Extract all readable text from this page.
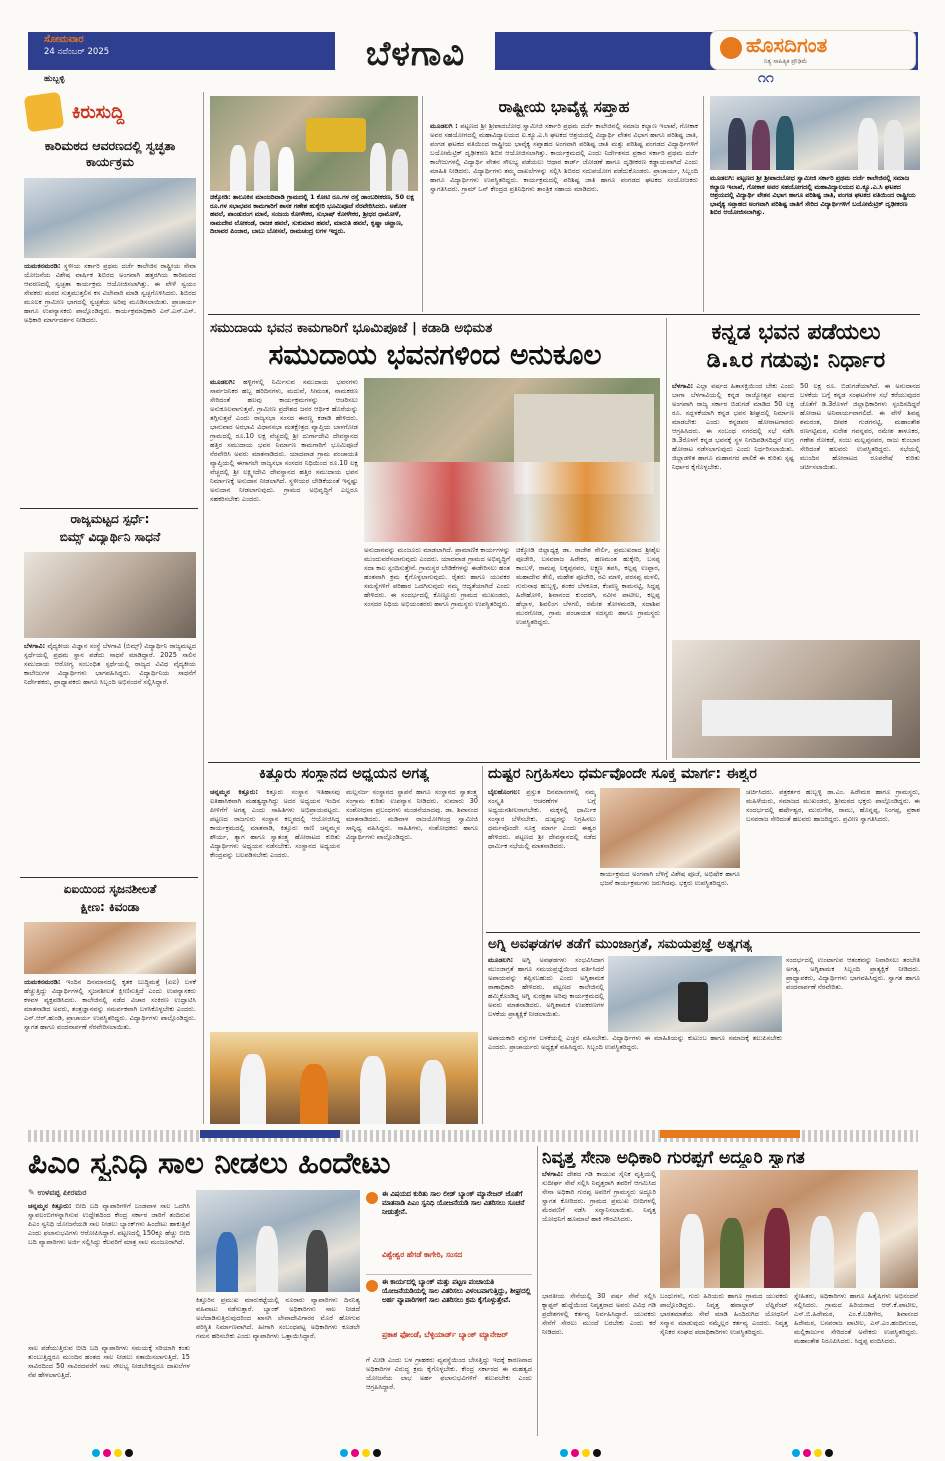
ಸೋಮವಾರ
24 ನವೆಂಬರ್ 2025
ಹುಬ್ಬಳ್ಳಿ
ಬೆಳಗಾವಿ	ಹೊಸದಿಗಂತ
ನಿತ್ಯ ಸಾಹಿತ್ಯಿಕ ಪ್ರೌಢಿಮೆ
೧೧
ಕಿರುಸುದ್ದಿ
ಕಾರಿಮಠದ ಆವರಣದಲ್ಲಿ ಸ್ವಚ್ಛತಾ ಕಾರ್ಯಕ್ರಮ
ಯಮಕನಮರಡಿ: ಸ್ಥಳೀಯ ಸರ್ಕಾರಿ ಪ್ರಥಮ ದರ್ಜೆ ಕಾಲೇಜಿನ ರಾಷ್ಟ್ರೀಯ ಸೇವಾ ಯೋಜನೆಯ ವಿಶೇಷ ವಾರ್ಷಿಕ ಶಿಬಿರದ ಅಂಗವಾಗಿ ಹತ್ತರಗಿಯ ಕಾರಿಮಠದ ಆವರಣದಲ್ಲಿ ಸ್ವಚ್ಛತಾ ಕಾರ್ಯಕ್ರಮ ಆಯೋಜಿಸಲಾಗಿತ್ತು. ಈ ವೇಳೆ ಸ್ವಯಂ ಸೇವಕರು ಮಠದ ಸುತ್ತಮುತ್ತಲಿನ ಕಸ ವಿಲೇವಾರಿ ಮಾಡಿ ಸ್ವಚ್ಛಗೊಳಿಸಿದರು. ಶಿಬಿರದ ಮೂಲಕ ಗ್ರಾಮೀಣ ಭಾಗದಲ್ಲಿ ಸ್ವಚ್ಛತೆಯ ಅರಿವು ಮೂಡಿಸಲಾಯಿತು. ಪ್ರಾಚಾರ್ಯ ಹಾಗೂ ಉಪನ್ಯಾಸಕರು ಪಾಲ್ಗೊಂಡಿದ್ದರು. ಕಾರ್ಯಕ್ರಮಾಧಿಕಾರಿ ಎನ್.ಎಸ್.ಎಸ್. ಅಧಿಕಾರಿ ಮಾರ್ಗದರ್ಶನ ನೀಡಿದರು.
ರಾಜ್ಯಮಟ್ಟದ ಸ್ಪರ್ಧೆ:
ಬಿಮ್ಸ್ ವಿದ್ಯಾರ್ಥಿನಿ ಸಾಧನೆ
ಬೆಳಗಾವಿ: ವೈದ್ಯಕೀಯ ವಿಜ್ಞಾನ ಸಂಸ್ಥೆ ಬೆಳಗಾವಿ (ಬಿಮ್ಸ್) ವಿದ್ಯಾರ್ಥಿನಿ ರಾಜ್ಯಮಟ್ಟದ ಸ್ಪರ್ಧೆಯಲ್ಲಿ ಪ್ರಥಮ ಸ್ಥಾನ ಪಡೆದು ಸಾಧನೆ ಮಾಡಿದ್ದಾರೆ. 2025 ಸಾಲಿನ ಸಮುದಾಯ ಆರೋಗ್ಯ ಸಂಬಂಧಿತ ಸ್ಪರ್ಧೆಯಲ್ಲಿ ರಾಜ್ಯದ ವಿವಿಧ ವೈದ್ಯಕೀಯ ಕಾಲೇಜುಗಳ ವಿದ್ಯಾರ್ಥಿಗಳು ಭಾಗವಹಿಸಿದ್ದರು. ವಿದ್ಯಾರ್ಥಿನಿಯ ಸಾಧನೆಗೆ ನಿರ್ದೇಶಕರು, ಪ್ರಾಧ್ಯಾಪಕರು ಹಾಗೂ ಸಿಬ್ಬಂದಿ ಅಭಿನಂದನೆ ಸಲ್ಲಿಸಿದ್ದಾರೆ.
ಏಐಯಿಂದ ಸೃಜನಶೀಲತೆ
ಕ್ಷೀಣ: ಕಿವಂಡಾ
ಯಮಕನಮರಡಿ: ಇಂದಿನ ದಿನಮಾನದಲ್ಲಿ ಕೃತಕ ಬುದ್ಧಿಮತ್ತೆ (ಏಐ) ಬಳಕೆ ಹೆಚ್ಚುತ್ತಿದ್ದು ವಿದ್ಯಾರ್ಥಿಗಳಲ್ಲಿ ಸೃಜನಶೀಲತೆ ಕ್ಷೀಣಿಸುತ್ತಿದೆ ಎಂದು ಉಪನ್ಯಾಸಕರು ಕಳವಳ ವ್ಯಕ್ತಪಡಿಸಿದರು. ಕಾಲೇಜಿನಲ್ಲಿ ನಡೆದ ವಿಚಾರ ಸಂಕಿರಣ ಉದ್ಘಾಟಿಸಿ ಮಾತನಾಡಿದ ಅವರು, ತಂತ್ರಜ್ಞಾನವನ್ನು ಸಮರ್ಪಕವಾಗಿ ಬಳಸಿಕೊಳ್ಳಬೇಕು ಎಂದರು. ಎನ್.ಆರ್.ಹುಂಡಿ, ಪ್ರಾಚಾರ್ಯ ಉಪಸ್ಥಿತರಿದ್ದರು. ವಿದ್ಯಾರ್ಥಿಗಳು ಪಾಲ್ಗೊಂಡಿದ್ದರು. ಸ್ವಾಗತ ಹಾಗೂ ವಂದನಾರ್ಪಣೆ ನೆರವೇರಿಸಲಾಯಿತು.
ಚಿಕ್ಕೋಡಿ: ತಾಲೂಕಿನ ಮಾಂಜರಿವಾಡಿ ಗ್ರಾಮದಲ್ಲಿ 1 ಕೋಟಿ ರೂ.ಗಳ ರಸ್ತೆ ಡಾಂಬರೀಕರಣ, 50 ಲಕ್ಷ ರೂ.ಗಳ ಸಭಾಭವನ ಕಾಮಗಾರಿಗೆ ಶಾಸಕ ಗಣೇಶ ಹುಕ್ಕೇರಿ ಭೂಮಿಪೂಜೆ ನೆರವೇರಿಸಿದರು. ಅಶೋಕ ಹವಲೆ, ಪಾಂಡುರಂಗ ಮಾನೆ, ಸಂಜಯ ಕೋಳೇಕರ, ಸುಭಾಷ್ ಕೋಳೇಕರ, ಶ್ರೀಧರ ಧಾಮೋಳೆ, ನಾಮದೇವ ಲೋಕಂಡೆ, ರಾಜಕ ಹವಲೆ, ಸುಕುಮಾರ ಹವಲೆ, ಮಾರುತಿ ಹವಲೆ, ಕೃಷ್ಣಾ ಚವ್ಹಾಣ, ದಿಲಾವರ ಪಿಂಜಾರ, ಬಾಬು ಬೋಸಲೆ, ರಾಮಚಂದ್ರ ಲಗಳ ಇದ್ದರು.
ರಾಷ್ಟ್ರೀಯ ಭಾವೈಕ್ಯ ಸಪ್ತಾಹ
ಮೂಡಲಗಿ : ಪಟ್ಟಣದ ಶ್ರೀ ಶ್ರೀಪಾದಬೋಧ ಸ್ವಾಮೀಜಿ ಸರ್ಕಾರಿ ಪ್ರಥಮ ದರ್ಜೆ ಕಾಲೇಜಿನಲ್ಲಿ ಸಮಾಜ ಕಲ್ಯಾಣ ಇಲಾಖೆ, ಗೋಕಾಕ ಅವರ ಸಹಯೋಗದಲ್ಲಿ ಮಹಾವಿದ್ಯಾಲಯದ ಐ.ಕ್ಯೂ.ಎ.ಸಿ ಘಟಕದ ಆಶ್ರಯದಲ್ಲಿ ವಿದ್ಯಾರ್ಥಿ ವೇತನ ವಿಭಾಗ ಹಾಗೂ ಪರಿಶಿಷ್ಟ ಜಾತಿ, ಪಂಗಡ ಘಟಕದ ವತಿಯಿಂದ ರಾಷ್ಟ್ರೀಯ ಭಾವೈಕ್ಯ ಸಪ್ತಾಹದ ಅಂಗವಾಗಿ ಪರಿಶಿಷ್ಟ ಜಾತಿ ಮತ್ತು ಪರಿಶಿಷ್ಟ ಪಂಗಡದ ವಿದ್ಯಾರ್ಥಿಗಳಿಗೆ ಬಯೋಮೆಟ್ರಿಕ್ ದೃಢೀಕರಣ ಶಿಬಿರ ಆಯೋಜಿಸಲಾಗಿತ್ತು. ಕಾರ್ಯಕ್ರಮದಲ್ಲಿ ಎಂದು ನಿರ್ದೇಶನದ ಪ್ರಕಾರ ಸರ್ಕಾರಿ ಪ್ರಥಮ ದರ್ಜೆ ಕಾಲೇಜುಗಳಲ್ಲಿ ವಿದ್ಯಾರ್ಥಿ ವೇತನ ಸೌಲಭ್ಯ ಪಡೆಯಲು ಆಧಾರ ಕಾರ್ಡ್ ಜೋಡಣೆ ಹಾಗೂ ದೃಢೀಕರಣ ಕಡ್ಡಾಯವಾಗಿದೆ ಎಂದು ಮಾಹಿತಿ ನೀಡಿದರು. ವಿದ್ಯಾರ್ಥಿಗಳು ತಮ್ಮ ದಾಖಲೆಗಳನ್ನು ಸಲ್ಲಿಸಿ ಶಿಬಿರದ ಸದುಪಯೋಗ ಪಡೆದುಕೊಂಡರು. ಪ್ರಾಚಾರ್ಯ, ಸಿಬ್ಬಂದಿ ಹಾಗೂ ವಿದ್ಯಾರ್ಥಿಗಳು ಉಪಸ್ಥಿತರಿದ್ದರು. ಕಾರ್ಯಕ್ರಮದಲ್ಲಿ ಪರಿಶಿಷ್ಟ ಜಾತಿ ಹಾಗೂ ಪಂಗಡದ ಘಟಕದ ಸಂಯೋಜಕರು ಸ್ವಾಗತಿಸಿದರು. ಗ್ರಾಮ್ ಒನ್ ಕೇಂದ್ರದ ಪ್ರತಿನಿಧಿಗಳು ತಾಂತ್ರಿಕ ಸಹಾಯ ಮಾಡಿದರು.
ಮೂಡಲಗಿ: ಪಟ್ಟಣದ ಶ್ರೀ ಶ್ರೀಪಾದಬೋಧ ಸ್ವಾಮೀಜಿ ಸರ್ಕಾರಿ ಪ್ರಥಮ ದರ್ಜೆ ಕಾಲೇಜಿನಲ್ಲಿ ಸಮಾಜ ಕಲ್ಯಾಣ ಇಲಾಖೆ, ಗೋಕಾಕ ಅವರ ಸಹಯೋಗದಲ್ಲಿ ಮಹಾವಿದ್ಯಾಲಯದ ಐ.ಕ್ಯೂ.ಎ.ಸಿ ಘಟಕದ ಆಶ್ರಯದಲ್ಲಿ ವಿದ್ಯಾರ್ಥಿ ವೇತನ ವಿಭಾಗ ಹಾಗೂ ಪರಿಶಿಷ್ಟ ಜಾತಿ, ಪಂಗಡ ಘಟಕದ ವತಿಯಿಂದ ರಾಷ್ಟ್ರೀಯ ಭಾವೈಕ್ಯ ಸಪ್ತಾಹದ ಅಂಗವಾಗಿ ಪರಿಶಿಷ್ಟ ಜಾತಿಗೆ ಸೇರಿದ ವಿದ್ಯಾರ್ಥಿಗಳಿಗೆ ಬಯೋಮೆಟ್ರಿಕ್ ದೃಢೀಕರಣ ಶಿಬಿರ ಆಯೋಜಿಸಲಾಗಿತ್ತು.
ಸಮುದಾಯ ಭವನ ಕಾಮಗಾರಿಗೆ ಭೂಮಿಪೂಜೆ | ಕಡಾಡಿ ಅಭಿಮತ
ಸಮುದಾಯ ಭವನಗಳಿಂದ ಅನುಕೂಲ
ಮೂಡಲಗಿ: ಹಳ್ಳಿಗಳಲ್ಲಿ ನಿರ್ಮಿಸುವ ಸಮುದಾಯ ಭವನಗಳು ಸಾರ್ವಜನಿಕರ ಹಬ್ಬ ಹರಿದಿನಗಳು, ಮದುವೆ, ಸೀಮಂತ, ನಾಮಕರಣ ಸೇರಿದಂತೆ ಹಲವು ಕಾರ್ಯಕ್ರಮಗಳನ್ನು ಆಚರಿಸಲು ಅನುಕೂಲವಾಗುತ್ತವೆ. ಗ್ರಾಮೀಣ ಪ್ರದೇಶದ ಜನರ ಆರ್ಥಿಕ ಹೊರೆಯನ್ನು ತಗ್ಗಿಸುತ್ತವೆ ಎಂದು ರಾಜ್ಯಸಭಾ ಸಂಸದ ಈರಣ್ಣ ಕಡಾಡಿ ಹೇಳಿದರು. ಭಾನುವಾರ ಅರಭಾವಿ ವಿಧಾನಸಭಾ ಮತಕ್ಷೇತ್ರದ ವ್ಯಾಪ್ತಿಯ ಬಾಳಗೋಡ ಗ್ರಾಮದಲ್ಲಿ ರೂ.10 ಲಕ್ಷ ವೆಚ್ಚದಲ್ಲಿ ಶ್ರೀ ದುರ್ಗಾದೇವಿ ದೇವಸ್ಥಾನದ ಹತ್ತಿರ ಸಮುದಾಯ ಭವನ ನಿರ್ಮಾಣ ಕಾಮಗಾರಿಗೆ ಭೂಮಿಪೂಜೆ ನೆರವೇರಿಸಿ ಅವರು ಮಾತನಾಡಿದರು. ಯಾದವಾಡ ಗ್ರಾಮ ಪಂಚಾಯತಿ ವ್ಯಾಪ್ತಿಯಲ್ಲಿ ಈಗಾಗಲೇ ರಾಜ್ಯಸಭಾ ಸಂಸದರ ನಿಧಿಯಿಂದ ರೂ.10 ಲಕ್ಷ ವೆಚ್ಚದಲ್ಲಿ ಶ್ರೀ ಲಕ್ಷ್ಮೀದೇವಿ ದೇವಸ್ಥಾನದ ಹತ್ತಿರ ಸಮುದಾಯ ಭವನ ನಿರ್ಮಾಣಕ್ಕೆ ಅನುದಾನ ನೀಡಲಾಗಿದೆ. ಸ್ಥಳೀಯರ ಬೇಡಿಕೆಯಂತೆ ಇನ್ನಷ್ಟು ಅನುದಾನ ನೀಡಲಾಗುವುದು. ಗ್ರಾಮದ ಅಭಿವೃದ್ಧಿಗೆ ಎಲ್ಲರೂ ಸಹಕರಿಸಬೇಕು ಎಂದರು.
ಅನುದಾನವನ್ನು ಮಂಜೂರು ಮಾಡಲಾಗಿದೆ. ಪ್ರಾಮಾಣಿಕ ಕಾರ್ಯಗಳನ್ನು ಮುಂದುವರೆಸಲಾಗುವುದು ಎಂದರು. ಯಾದವಾಡ ಗ್ರಾಮದ ಅಭಿವೃದ್ಧಿಗೆ ಸದಾ ಕಾಲ ಸ್ಪಂದಿಸುತ್ತೇನೆ. ಗ್ರಾಮಸ್ಥರ ಬೇಡಿಕೆಗಳನ್ನು ಈಡೇರಿಸಲು ಹಂತ ಹಂತವಾಗಿ ಕ್ರಮ ಕೈಗೊಳ್ಳಲಾಗುವುದು. ರೈತರು ಹಾಗೂ ಯುವಕರ ಸಮಸ್ಯೆಗಳಿಗೆ ಪರಿಹಾರ ಒದಗಿಸುವುದು ನಮ್ಮ ಆದ್ಯತೆಯಾಗಿದೆ ಎಂದು ಹೇಳಿದರು. ಈ ಸಂದರ್ಭದಲ್ಲಿ ಕೊಣ್ಣೂರು ಗ್ರಾಮದ ಮುಖಂಡರು, ಸಂಸದರ ನಿಧಿಯ ಅಭಿಯಂತರರು ಹಾಗೂ ಗ್ರಾಮಸ್ಥರು ಉಪಸ್ಥಿತರಿದ್ದರು.
ಚಿಕ್ಕೋಡಿ ಜಿಲ್ಲಾಧ್ಯಕ್ಷ ಡಾ. ರಾಜೇಶ ನೇರ್ಲಿ, ಪ್ರಮುಖರಾದ ಶ್ರೀಶೈಲ ಪೂಜೇರಿ, ಬಸವರಾಜ ಹಿರೇಕರ, ಹಣಮಂತ ಹುಕ್ಕೇರಿ, ಬಸಪ್ಪ ಕಾಂಬಳೆ, ರಾಮಪ್ಪ ಲಕ್ಕಪ್ಪನವರ, ಲಕ್ಷ್ಮಣ ತಪಸಿ, ಕಲ್ಲಪ್ಪ ಉಪ್ಪಾರ, ಮಹಾದೇವ ತೇಲಿ, ಮಹೇಶ ಪೂಜೇರಿ, ರವಿ ಮಾಳಿ, ಪರಸಪ್ಪ ಮಳಲಿ, ಗುರುನಾಥ ಹುಬ್ಬಳ್ಳಿ, ಶಂಕರ ಬೆಳಕೂಡ, ಕೆಂಪಣ್ಣ ಕಾಮನಟ್ಟಿ, ಸಿದ್ದಪ್ಪ ಹಿರೇಹೋಳಿ, ಶಿವಾನಂದ ಕುಂದರಗಿ, ನವೀನ ಪಾಟೀಲ, ಕಲ್ಲಪ್ಪ ಹೆಬ್ಬಾಳ, ಶಿವಲಿಂಗ ಬೆಳಗಲಿ, ರಮೇಶ ತೋಳಮರಡಿ, ಸದಾಶಿವ ಮುರಗೋಡ, ಗ್ರಾಮ ಪಂಚಾಯತ ಸದಸ್ಯರು ಹಾಗೂ ಗ್ರಾಮಸ್ಥರು ಉಪಸ್ಥಿತರಿದ್ದರು.
ಕನ್ನಡ ಭವನ ಪಡೆಯಲು
ಡಿ.೩ರ ಗಡುವು: ನಿರ್ಧಾರ
ಬೆಳಗಾವಿ: ಎಲ್ಲಾ ವರ್ಷದ ಹಿತಾಸಕ್ತಿಯಿಂದ ಬೇಕು ಎಂದು ಬಾಗಾ ಬೆಳಗಾವಿಯಲ್ಲಿ ಕನ್ನಡ ರಾಜ್ಯೋತ್ಸವ ವರ್ಷದ ಅಂಗವಾಗಿ ರಾಜ್ಯ ಸರ್ಕಾರ ಬಿಡುಗಡೆ ಮಾಡಿದ 50 ಲಕ್ಷ ರೂ. ಸದ್ಬಳಕೆಯಾಗಿ ಕನ್ನಡ ಭವನ ಶೀಘ್ರದಲ್ಲಿ ನಿರ್ಮಾಣ ಮಾಡಬೇಕು ಎಂದು ಕನ್ನಡಪರ ಹೋರಾಟಗಾರರು ಆಗ್ರಹಿಸಿದರು. ಈ ಸಂಬಂಧ ನಗರದಲ್ಲಿ ಸಭೆ ನಡೆಸಿ ಡಿ.3ರೊಳಗೆ ಕನ್ನಡ ಭವನಕ್ಕೆ ಸ್ಥಳ ನಿಗದಿಪಡಿಸದಿದ್ದರೆ ಉಗ್ರ ಹೋರಾಟ ನಡೆಸಲಾಗುವುದು ಎಂದು ನಿರ್ಧರಿಸಲಾಯಿತು. ಜಿಲ್ಲಾಡಳಿತ ಹಾಗೂ ಮಹಾನಗರ ಪಾಲಿಕೆ ಈ ಕುರಿತು ಸ್ಪಷ್ಟ ನಿರ್ಧಾರ ಕೈಗೊಳ್ಳಬೇಕು.
50 ಲಕ್ಷ ರೂ. ಬಿಡುಗಡೆಯಾಗಿದೆ. ಈ ಅನುದಾನದ ಬಳಕೆಯ ಬಗ್ಗೆ ಕನ್ನಡ ಸಂಘಟನೆಗಳ ಸಭೆ ಕರೆಯುವುದರ ಜೊತೆಗೆ ಡಿ.3ರೊಳಗೆ ಜಿಲ್ಲಾಧಿಕಾರಿಗಳು ಸ್ಪಂದಿಸದಿದ್ದರೆ ಹೋರಾಟ ಅನಿವಾರ್ಯವಾಗಲಿದೆ. ಈ ವೇಳೆ ಶಿವಪ್ಪ ಶಮರಂತ, ದೀಪಕ ಗುಡಗನಟ್ಟಿ, ಮಹಾಂತೇಶ ರಣಗಟ್ಟಿಮಠ, ಸುರೇಶ ಗವನ್ನವರ, ರಮೇಶ ತಾಳೂಕರ, ಗಣೇಶ ರೋಕಡೆ, ಸಂಜು ಮಲ್ಲಪ್ಪನವರ, ರಾಜು ಕುಂಬಾರ ಸೇರಿದಂತೆ ಹಲವರು ಉಪಸ್ಥಿತರಿದ್ದರು. ಸಭೆಯಲ್ಲಿ ಮುಂದಿನ ಹೋರಾಟದ ರೂಪರೇಷೆ ಕುರಿತು ಚರ್ಚಿಸಲಾಯಿತು.
ಕಿತ್ತೂರು ಸಂಸ್ಥಾನದ ಅಧ್ಯಯನ ಅಗತ್ಯ
ಚನ್ನಮ್ಮನ ಕಿತ್ತೂರು: ಕಿತ್ತೂರು ಸಂಸ್ಥಾನ ಇತಿಹಾಸವು ಐತಿಹಾಸಿಕವಾಗಿ ಮಹತ್ವದ್ದಾಗಿದ್ದು ಅದರ ಅಧ್ಯಯನ ಇಂದಿನ ಪೀಳಿಗೆಗೆ ಅಗತ್ಯ ಎಂದು ಸಾಹಿತಿಗಳು ಅಭಿಪ್ರಾಯಪಟ್ಟರು. ಪಟ್ಟಣದ ರಾಜಗುರು ಸಂಸ್ಥಾನ ಕಲ್ಮಠದಲ್ಲಿ ಆಯೋಜಿಸಿದ್ದ ಕಾರ್ಯಕ್ರಮದಲ್ಲಿ ಮಾತನಾಡಿ, ಕಿತ್ತೂರು ರಾಣಿ ಚನ್ನಮ್ಮನ ಶೌರ್ಯ, ತ್ಯಾಗ ಹಾಗೂ ಸ್ವಾತಂತ್ರ್ಯ ಹೋರಾಟದ ಕುರಿತು ವಿದ್ಯಾರ್ಥಿಗಳು ಅಧ್ಯಯನ ನಡೆಸಬೇಕು. ಸಂಸ್ಥಾನದ ಅಧ್ಯಯನ ಕೇಂದ್ರವನ್ನು ಬಲಪಡಿಸಬೇಕು ಎಂದರು.
ಮಲ್ಲಸರ್ಜ ಸಂಸ್ಥಾನದ ಸ್ಥಾಪನೆ ಹಾಗೂ ಸಂಸ್ಥಾನದ ಸ್ವಾತಂತ್ರ್ಯ ಸಂಗ್ರಾಮ ಕುರಿತು ಉಪನ್ಯಾಸ ನೀಡಿದರು. ಸುಮಾರು 30 ಸಂಶೋಧನಾ ಪ್ರಬಂಧಗಳು ಮಂಡನೆಯಾದವು. ಡಾ. ಶಿವಾನಂದ ಮಾತನಾಡಿದರು. ಮಡಿವಾಳ ರಾಜಯೋಗೀಂದ್ರ ಸ್ವಾಮೀಜಿ ಸಾನ್ನಿಧ್ಯ ವಹಿಸಿದ್ದರು. ಸಾಹಿತಿಗಳು, ಸಂಶೋಧಕರು ಹಾಗೂ ವಿದ್ಯಾರ್ಥಿಗಳು ಪಾಲ್ಗೊಂಡಿದ್ದರು.
ದುಷ್ಟರ ನಿಗ್ರಹಿಸಲು ಧರ್ಮವೊಂದೇ ಸೂಕ್ತ ಮಾರ್ಗ: ಈಶ್ವರ
ಬೈಲಹೊಂಗಲ: ಪ್ರಸ್ತುತ ದಿನಮಾನಗಳಲ್ಲಿ ನಮ್ಮ ಸಂಸ್ಕೃತಿ ಆಚರಣೆಗಳ ಬಗ್ಗೆ ಅಧ್ಯಯನಶೀಲರಾಗಬೇಕು. ಮಕ್ಕಳಲ್ಲಿ ಧಾರ್ಮಿಕ ಸಂಸ್ಕಾರ ಬೆಳೆಸಬೇಕು. ದುಷ್ಟರನ್ನು ನಿಗ್ರಹಿಸಲು ಧರ್ಮವೊಂದೇ ಸೂಕ್ತ ಮಾರ್ಗ ಎಂದು ಈಶ್ವರ ಹೇಳಿದರು. ಪಟ್ಟಣದ ಶ್ರೀ ದೇವಸ್ಥಾನದಲ್ಲಿ ನಡೆದ ಧಾರ್ಮಿಕ ಸಭೆಯಲ್ಲಿ ಮಾತನಾಡಿದರು.
ಕಾರ್ಯಕ್ರಮದ ಅಂಗವಾಗಿ ಬೆಳಿಗ್ಗೆ ವಿಶೇಷ ಪೂಜೆ, ಅಭಿಷೇಕ ಹಾಗೂ ಭಜನೆ ಕಾರ್ಯಕ್ರಮಗಳು ಜರುಗಿದವು. ಭಕ್ತರು ಉಪಸ್ಥಿತರಿದ್ದರು.
ಚರ್ಚಿಸಿದರು. ಪತ್ರಕರ್ತರ ಹುಬ್ಬಳ್ಳಿ ಡಾ.ಎಂ. ಹಿರೇಮಠ ಹಾಗೂ ಗ್ರಾಮಸ್ಥರು, ಮಹಿಳೆಯರು, ಸಮಾಜದ ಮುಖಂಡರು, ಶ್ರೀಮಠದ ಭಕ್ತರು ಪಾಲ್ಗೊಂಡಿದ್ದರು. ಈ ಸಂದರ್ಭದಲ್ಲಿ ಹರ್ಷೇಶ್ವರ, ಮುರುಗೇಶ, ರಾಮು, ಹೊನ್ನಪ್ಪ, ನಿಂಗಪ್ಪ, ಪ್ರಕಾಶ ಬಸವರಾಜ ಸೇರಿದಂತೆ ಹಲವರು ಹಾಜರಿದ್ದರು. ಪ್ರವೀಣ ಸ್ವಾಗತಿಸಿದರು.
ಅಗ್ನಿ ಅವಘಡಗಳ ತಡೆಗೆ ಮುಂಜಾಗ್ರತೆ, ಸಮಯಪ್ರಜ್ಞೆ ಅತ್ಯಗತ್ಯ
ಮೂಡಲಗಿ: ಅಗ್ನಿ ಅವಘಡಗಳು ಸಂಭವಿಸಿದಾಗ ಮುಂಜಾಗ್ರತೆ ಹಾಗೂ ಸಮಯಪ್ರಜ್ಞೆಯಿಂದ ವರ್ತಿಸಿದರೆ ಅಪಾಯವನ್ನು ತಪ್ಪಿಸಬಹುದು ಎಂದು ಅಗ್ನಿಶಾಮಕ ಠಾಣಾಧಿಕಾರಿ ಹೇಳಿದರು. ಪಟ್ಟಣದ ಕಾಲೇಜಿನಲ್ಲಿ ಹಮ್ಮಿಕೊಂಡಿದ್ದ ಅಗ್ನಿ ಸುರಕ್ಷತಾ ಅರಿವು ಕಾರ್ಯಕ್ರಮದಲ್ಲಿ ಅವರು ಮಾತನಾಡಿದರು. ಅಗ್ನಿಶಾಮಕ ಉಪಕರಣಗಳ ಬಳಕೆಯ ಪ್ರಾತ್ಯಕ್ಷಿಕೆ ನೀಡಲಾಯಿತು.
ಸಂದರ್ಭದಲ್ಲಿ ಉಂಟಾಗುವ ಆತಂಕವನ್ನು ನಿವಾರಿಸಲು ತರಬೇತಿ ಅಗತ್ಯ. ಅಗ್ನಿಶಾಮಕ ಸಿಬ್ಬಂದಿ ಪ್ರಾತ್ಯಕ್ಷಿಕೆ ನೀಡಿದರು. ಪ್ರಾಧ್ಯಾಪಕರು, ವಿದ್ಯಾರ್ಥಿಗಳು ಭಾಗವಹಿಸಿದ್ದರು. ಸ್ವಾಗತ ಹಾಗೂ ವಂದನಾರ್ಪಣೆ ನೆರವೇರಿತು.
ಅಪಾಯಕಾರಿ ವಸ್ತುಗಳ ಬಳಕೆಯಲ್ಲಿ ಎಚ್ಚರ ವಹಿಸಬೇಕು. ವಿದ್ಯಾರ್ಥಿಗಳು ಈ ಮಾಹಿತಿಯನ್ನು ಕುಟುಂಬ ಹಾಗೂ ಸಮಾಜಕ್ಕೆ ತಲುಪಿಸಬೇಕು ಎಂದರು. ಪ್ರಾಚಾರ್ಯರು ಅಧ್ಯಕ್ಷತೆ ವಹಿಸಿದ್ದರು. ಸಿಬ್ಬಂದಿ ಉಪಸ್ಥಿತರಿದ್ದರು.
ಪಿಎಂ ಸ್ವನಿಧಿ ಸಾಲ ನೀಡಲು ಹಿಂದೇಟು
✎ ಉಳವಪ್ಪ ಪೀರಮರ
ಚನ್ನಮ್ಮನ ಕಿತ್ತೂರು: ಬೀದಿ ಬದಿ ವ್ಯಾಪಾರಿಗಳಿಗೆ ಬಂಡವಾಳ ಸಾಲ ಒದಗಿಸಿ ಸ್ವಾವಲಂಬಿಗಳನ್ನಾಗಿಸುವ ಉದ್ದೇಶದಿಂದ ಕೇಂದ್ರ ಸರ್ಕಾರ ಜಾರಿಗೆ ತಂದಿರುವ ಪಿಎಂ ಸ್ವನಿಧಿ ಯೋಜನೆಯಡಿ ಸಾಲ ನೀಡಲು ಬ್ಯಾಂಕ್‌ಗಳು ಹಿಂದೇಟು ಹಾಕುತ್ತಿವೆ ಎಂದು ಫಲಾನುಭವಿಗಳು ಆರೋಪಿಸಿದ್ದಾರೆ. ಪಟ್ಟಣದಲ್ಲಿ 150ಕ್ಕೂ ಹೆಚ್ಚು ಬೀದಿ ಬದಿ ವ್ಯಾಪಾರಿಗಳು ಅರ್ಜಿ ಸಲ್ಲಿಸಿದ್ದು ಕೆಲವರಿಗೆ ಮಾತ್ರ ಸಾಲ ಮಂಜೂರಾಗಿದೆ.
ಸಾಲ ಪಡೆಯುತ್ತಿರುವ ಬೀದಿ ಬದಿ ವ್ಯಾಪಾರಿಗಳು ಸಮಯಕ್ಕೆ ಸರಿಯಾಗಿ ಕಂತು ತುಂಬುತ್ತಿದ್ದರೂ ಮುಂದಿನ ಹಂತದ ಸಾಲ ನೀಡಲು ಸತಾಯಿಸಲಾಗುತ್ತಿದೆ. 15 ಸಾವಿರದಿಂದ 50 ಸಾವಿರದವರೆಗೆ ಸಾಲ ಸೌಲಭ್ಯ ನೀಡಬೇಕಿದ್ದರೂ ದಾಖಲೆಗಳ ನೆಪ ಹೇಳಲಾಗುತ್ತಿದೆ.
ಕಿತ್ತೂರಿನ ಪ್ರಮುಖ ಮಾರುಕಟ್ಟೆಯಲ್ಲಿ ನೂರಾರು ವ್ಯಾಪಾರಿಗಳು ದಿನನಿತ್ಯ ವಹಿವಾಟು ನಡೆಸುತ್ತಾರೆ. ಬ್ಯಾಂಕ್ ಅಧಿಕಾರಿಗಳು ಸಾಲ ನೀಡದೆ ಅಲೆದಾಡಿಸುತ್ತಿರುವುದರಿಂದ ಖಾಸಗಿ ಲೇವಾದೇವಿಗಾರರ ಮೊರೆ ಹೋಗುವ ಪರಿಸ್ಥಿತಿ ನಿರ್ಮಾಣವಾಗಿದೆ. ಹೀಗಾಗಿ ಸಂಬಂಧಪಟ್ಟ ಅಧಿಕಾರಿಗಳು ಕೂಡಲೇ ಗಮನ ಹರಿಸಬೇಕು ಎಂದು ವ್ಯಾಪಾರಿಗಳು ಒತ್ತಾಯಿಸಿದ್ದಾರೆ.
ಈ ವಿಷಯದ ಕುರಿತು ಸಾಲ ಲೀಡ್ ಬ್ಯಾಂಕ್ ಮ್ಯಾನೇಜರ್ ಜೊತೆಗೆ ಮಾತನಾಡಿ ಪಿಎಂ ಸ್ವನಿಧಿ ಯೋಜನೆಯಡಿ ಸಾಲ ವಿತರಿಸಲು ಸೂಚನೆ ನೀಡುತ್ತೇನೆ.
ವಿಶ್ವೇಶ್ವರ ಹೆಗಡೆ ಕಾಗೇರಿ, ಸಂಸದ
ಈ ಕಾರ್ಯದಲ್ಲಿ ಬ್ಯಾಂಕ್ ಮತ್ತು ಪಟ್ಟಣ ಪಂಚಾಯತಿ ಯೋಜನೆಯಡಿಯಲ್ಲಿ ಸಾಲ ವಿತರಿಸಲು ವಿಳಂಬವಾಗುತ್ತಿದ್ದು, ಶೀಘ್ರದಲ್ಲಿ ಅರ್ಹ ವ್ಯಾಪಾರಿಗಳಿಗೆ ಸಾಲ ವಿತರಿಸಲು ಕ್ರಮ ಕೈಗೊಳ್ಳುತ್ತೇವೆ.
ಪ್ರಕಾಶ ಫೋಂಡೆ, ಬೆಳ್ಳಿಯಾರ್ಡ್ ಬ್ಯಾಂಕ್ ಮ್ಯಾನೇಜರ್
ಗೆ ಮೀಡಿ ಎಂದು ಬಳ ಗ್ರಾಹಕರು ವ್ಯವಸ್ಥೆಯಿಂದ ಬೇಸತ್ತಿದ್ದು ಇದಕ್ಕೆ ಕಾರಣವಾದ ಅಧಿಕಾರಿಗಳ ವಿರುದ್ಧ ಕ್ರಮ ಕೈಗೊಳ್ಳಬೇಕು. ಕೇಂದ್ರ ಸರ್ಕಾರದ ಈ ಮಹತ್ವದ ಯೋಜನೆಯ ಲಾಭ ಅರ್ಹ ಫಲಾನುಭವಿಗಳಿಗೆ ತಲುಪಬೇಕು ಎಂದು ಆಗ್ರಹಿಸಿದ್ದಾರೆ.
ನಿವೃತ್ತ ಸೇನಾ ಅಧಿಕಾರಿ ಗುರಪ್ಪಗೆ ಅದ್ದೂರಿ ಸ್ವಾಗತ
ಬೆಳಗಾವಿ: ದೇಶದ ಗಡಿ ಕಾಯುವ ಸೈನಿಕ ವೃತ್ತಿಯಲ್ಲಿ ಸುದೀರ್ಘ ಸೇವೆ ಸಲ್ಲಿಸಿ ನಿವೃತ್ತರಾಗಿ ತವರಿಗೆ ಆಗಮಿಸಿದ ಸೇನಾ ಅಧಿಕಾರಿ ಗುರಪ್ಪ ಅವರಿಗೆ ಗ್ರಾಮಸ್ಥರು ಅದ್ದೂರಿ ಸ್ವಾಗತ ಕೋರಿದರು. ಗ್ರಾಮದ ಪ್ರಮುಖ ಬೀದಿಗಳಲ್ಲಿ ಮೆರವಣಿಗೆ ನಡೆಸಿ ಸನ್ಮಾನಿಸಲಾಯಿತು. ನಿವೃತ್ತ ಯೋಧನಿಗೆ ಹೂಮಾಲೆ ಹಾಕಿ ಗೌರವಿಸಿದರು.
ಭಾರತೀಯ ಸೇನೆಯಲ್ಲಿ 30 ವರ್ಷ ಸೇವೆ ಸಲ್ಲಿಸಿ ಕ್ಯಾಪ್ಟನ್ ಹುದ್ದೆಯಿಂದ ನಿವೃತ್ತರಾದ ಅವರು ವಿವಿಧ ಗಡಿ ಪ್ರದೇಶಗಳಲ್ಲಿ ಕರ್ತವ್ಯ ನಿರ್ವಹಿಸಿದ್ದಾರೆ. ಯುವಕರು ಸೇನೆಗೆ ಸೇರಲು ಮುಂದೆ ಬರಬೇಕು ಎಂದು ಕರೆ ನೀಡಿದರು.
ಬಂಧುಗಳು, ಗುರು ಹಿರಿಯರು ಹಾಗೂ ಗ್ರಾಮದ ಯುವಕರು ಪಾಲ್ಗೊಂಡಿದ್ದರು. ನಿವೃತ್ತ ಹವಾಲ್ದಾರ್ ಲೆಫ್ಟಿನೆಂಟ್ ಭಾರತಮಾತೆಯ ಸೇವೆ ಮಾಡಿ ಹಿಂದಿರುಗಿದ ಯೋಧನಿಗೆ ಸನ್ಮಾನ ಮಾಡುವುದು ನಮ್ಮೆಲ್ಲರ ಕರ್ತವ್ಯ ಎಂದರು. ನಿವೃತ್ತ ಸೈನಿಕರ ಸಂಘದ ಪದಾಧಿಕಾರಿಗಳು ಉಪಸ್ಥಿತರಿದ್ದರು.
ಸ್ನೇಹಿತರು, ಅಧಿಕಾರಿಗಳು ಹಾಗೂ ಹಿತೈಷಿಗಳು ಅಭಿನಂದನೆ ಸಲ್ಲಿಸಿದರು. ಗ್ರಾಮದ ಹಿರಿಯರಾದ ಆರ್.ಕೆ.ಪಾಟೀಲ, ಎಸ್.ಬಿ.ಹಿರೇಮಠ, ಎಂ.ಕೆ.ಬಡಿಗೇರ, ಶಿವಾನಂದ ಹಿರೇಮಠ, ಬಸವರಾಜ ಪಾಟೀಲ, ಎಸ್.ಎಂ.ಹಂದಿಗುಂದ, ಮಲ್ಲಿಕಾರ್ಜುನ ಸೇರಿದಂತೆ ಅನೇಕರು ಉಪಸ್ಥಿತರಿದ್ದರು. ಮಹಾಂತೇಶ ನಿರೂಪಿಸಿದರು. ಸಿದ್ದಪ್ಪ ವಂದಿಸಿದರು.
